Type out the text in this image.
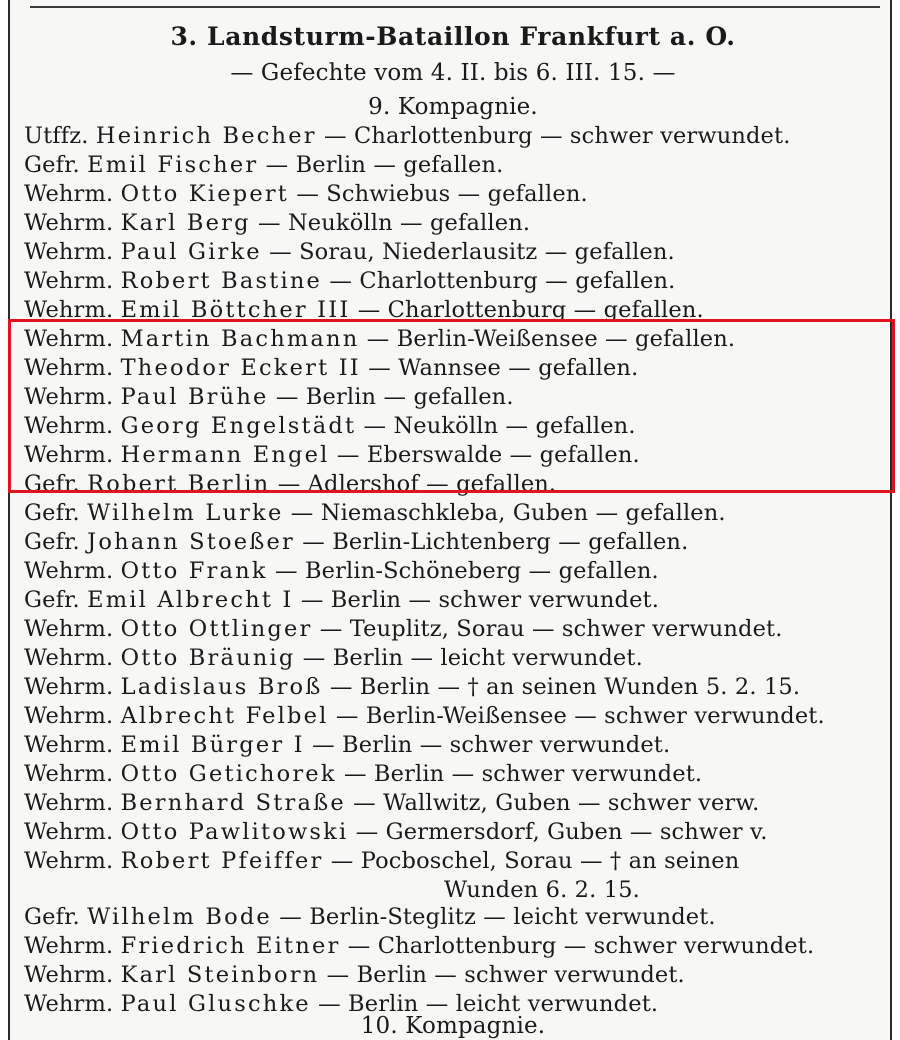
3. Landsturm-Bataillon Frankfurt a. O.
— Gefechte vom 4. II. bis 6. III. 15. —
9. Kompagnie.
Utffz. Heinrich Becher — Charlottenburg — schwer verwundet.
Gefr. Emil Fischer — Berlin — gefallen.
Wehrm. Otto Kiepert — Schwiebus — gefallen.
Wehrm. Karl Berg — Neukölln — gefallen.
Wehrm. Paul Girke — Sorau, Niederlausitz — gefallen.
Wehrm. Robert Bastine — Charlottenburg — gefallen.
Wehrm. Emil Böttcher III — Charlottenburg — gefallen.
Wehrm. Martin Bachmann — Berlin-Weißensee — gefallen.
Wehrm. Theodor Eckert II — Wannsee — gefallen.
Wehrm. Paul Brühe — Berlin — gefallen.
Wehrm. Georg Engelstädt — Neukölln — gefallen.
Wehrm. Hermann Engel — Eberswalde — gefallen.
Gefr. Robert Berlin — Adlershof — gefallen.
Gefr. Wilhelm Lurke — Niemaschkleba, Guben — gefallen.
Gefr. Johann Stoeßer — Berlin-Lichtenberg — gefallen.
Wehrm. Otto Frank — Berlin-Schöneberg — gefallen.
Gefr. Emil Albrecht I — Berlin — schwer verwundet.
Wehrm. Otto Ottlinger — Teuplitz, Sorau — schwer verwundet.
Wehrm. Otto Bräunig — Berlin — leicht verwundet.
Wehrm. Ladislaus Broß — Berlin — † an seinen Wunden 5. 2. 15.
Wehrm. Albrecht Felbel — Berlin-Weißensee — schwer verwundet.
Wehrm. Emil Bürger I — Berlin — schwer verwundet.
Wehrm. Otto Getichorek — Berlin — schwer verwundet.
Wehrm. Bernhard Straße — Wallwitz, Guben — schwer verw.
Wehrm. Otto Pawlitowski — Germersdorf, Guben — schwer v.
Wehrm. Robert Pfeiffer — Pocboschel, Sorau — † an seinen
Wunden 6. 2. 15.
Gefr. Wilhelm Bode — Berlin-Steglitz — leicht verwundet.
Wehrm. Friedrich Eitner — Charlottenburg — schwer verwundet.
Wehrm. Karl Steinborn — Berlin — schwer verwundet.
Wehrm. Paul Gluschke — Berlin — leicht verwundet.
10. Kompagnie.
